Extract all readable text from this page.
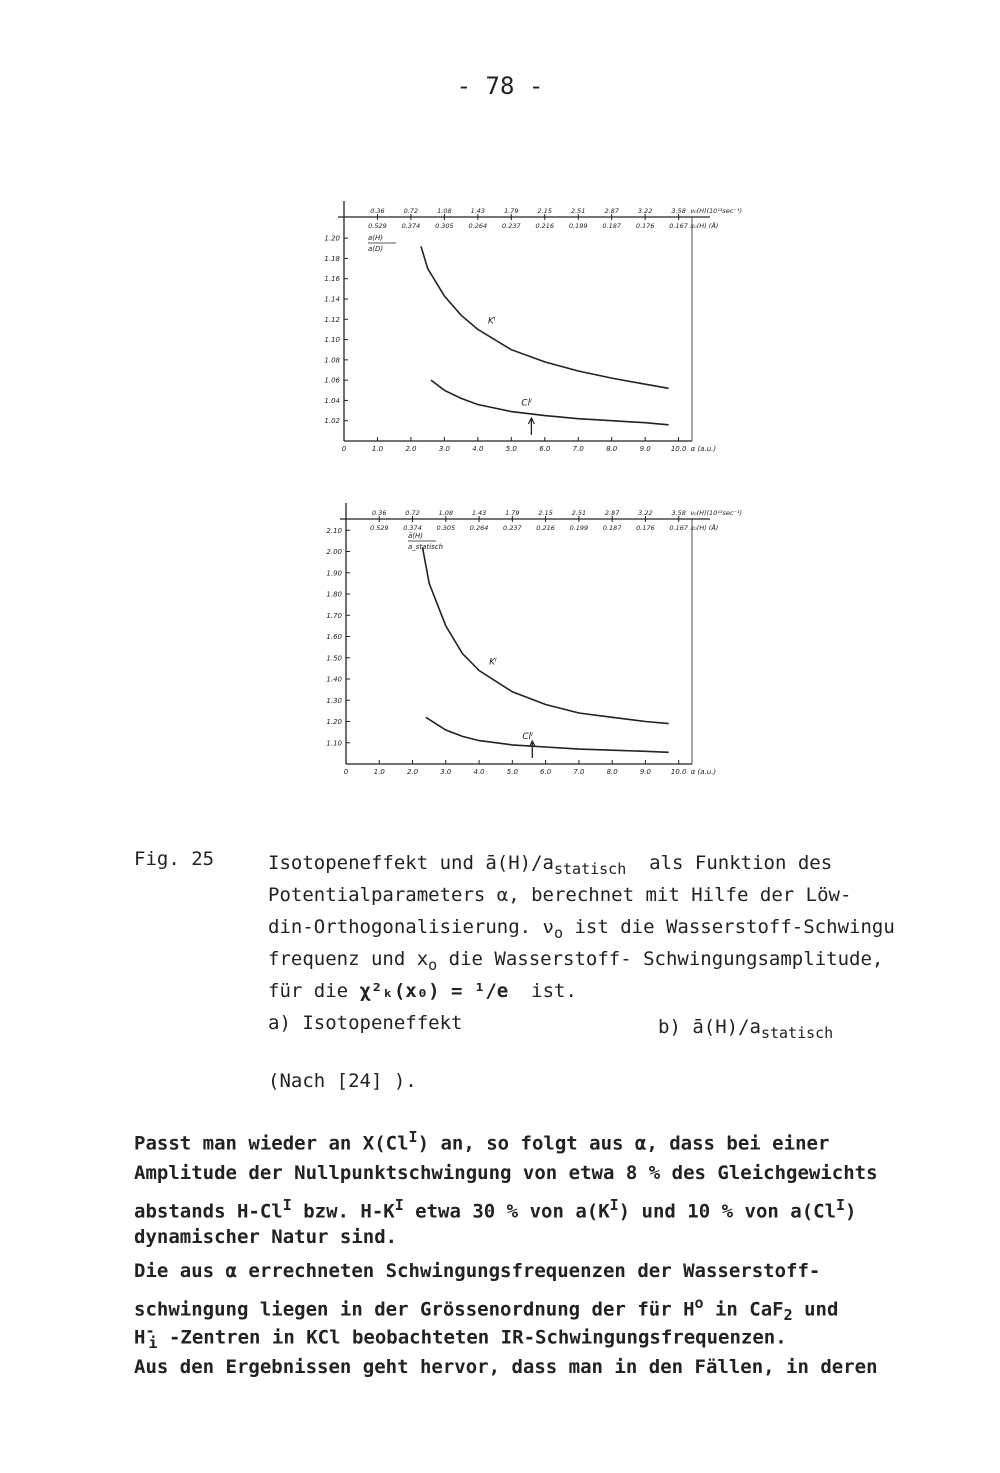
- 78 -
0.36
0.529
0.72
0.374
1.08
0.305
1.43
0.264
1.79
0.237
2.15
0.216
2.51
0.199
2.87
0.187
3.22
0.176
3.58
0.167
ν₀(H)(10¹³sec⁻¹)
x₀(H) (Å)
1.20
1.18
1.16
1.14
1.12
1.10
1.08
1.06
1.04
1.02
0	1.0	2.0	3.0	4.0	5.0	6.0	7.0	8.0	9.0	10.0 α (a.u.)
a(H)
a(D)
Kᴵ
Clᴵ
0.36
0.529
0.72
0.374
1.08
0.305
1.43
0.264
1.79
0.237
2.15
0.216
2.51
0.199
2.87
0.187
3.22
0.176
3.58
0.167
ν₀(H)(10¹³sec⁻¹)
x₀(H) (Å)
2.10
2.00
1.90
1.80
1.70
1.60
1.50
1.40
1.30
1.20
1.10
0	1.0	2.0	3.0	4.0	5.0	6.0	7.0	8.0	9.0	10.0 α (a.u.)
ā(H)
a_statisch
Kᴵ
Clᴵ
Fig. 25	Isotopeneffekt und $ā(H)/a_{statisch}$ als Funktion des
Potentialparameters α, berechnet mit Hilfe der Löw-
din-Orthogonalisierung. $\nu_o$ ist die Wasserstoff-Schwingu
frequenz und $x_o$ die Wasserstoff- Schwingungsamplitude,
für die χ²ₖ(x₀) = ¹/e ist.
a) Isotopeneffekt	b) $ā(H)/a_{statisch}$
(Nach [24] ).
Passt man wieder an $X(Cl^I)$ an, so folgt aus α, dass bei einer
Amplitude der Nullpunktschwingung von etwa 8 % des Gleichgewichts
abstands $H-Cl^I$ bzw. $H-K^I$ etwa 30 % von $a(K^I)$ und 10 % von $a(Cl^I)$
dynamischer Natur sind.
Die aus α errechneten Schwingungsfrequenzen der Wasserstoff-
schwingung liegen in der Grössenordnung der für $H^o$ in CaF$_2$ und
$H^-_i$ -Zentren in KCl beobachteten IR-Schwingungsfrequenzen.
Aus den Ergebnissen geht hervor, dass man in den Fällen, in deren
